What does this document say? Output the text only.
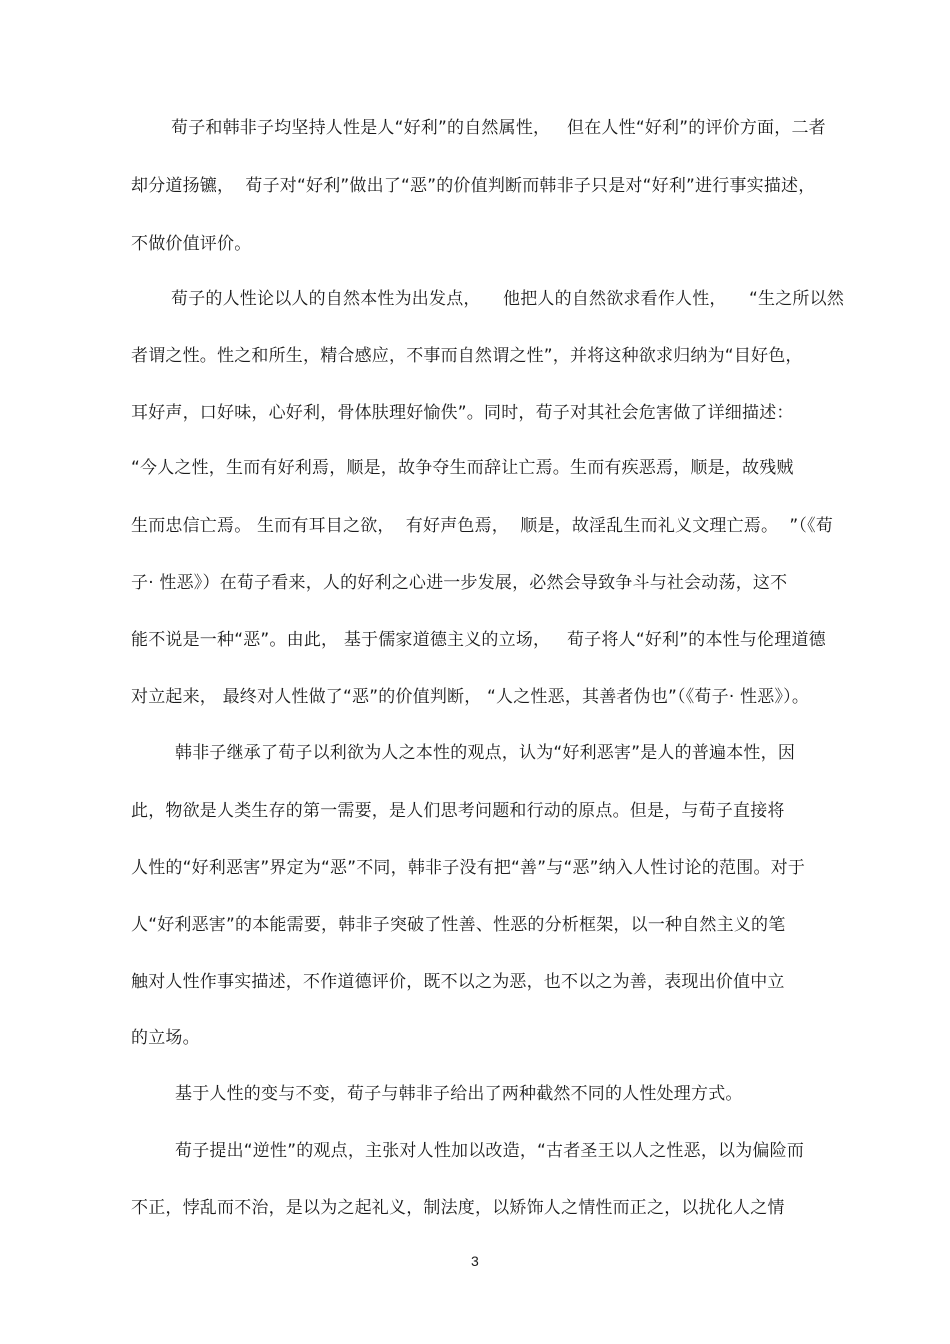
荀子和韩非子均坚持人性是人“好利”的自然属性，   但在人性“好利”的评价方面，二者
却分道扬镳，  荀子对“好利”做出了“恶”的价值判断而韩非子只是对“好利”进行事实描述，
不做价值评价。
荀子的人性论以人的自然本性为出发点，    他把人的自然欲求看作人性，    “生之所以然
者谓之性。性之和所生，精合感应，不事而自然谓之性”，并将这种欲求归纳为“目好色，
耳好声，口好味，心好利，骨体肤理好愉佚”。同时，荀子对其社会危害做了详细描述：
“今人之性，生而有好利焉，顺是，故争夺生而辞让亡焉。生而有疾恶焉，顺是，故残贼
生而忠信亡焉。 生而有耳目之欲，  有好声色焉，  顺是，故淫乱生而礼义文理亡焉。  ”（《荀
子· 性恶》）在荀子看来，人的好利之心进一步发展，必然会导致争斗与社会动荡，这不
能不说是一种“恶”。由此， 基于儒家道德主义的立场，   荀子将人“好利”的本性与伦理道德
对立起来， 最终对人性做了“恶”的价值判断， “人之性恶，其善者伪也”（《荀子· 性恶》）。
韩非子继承了荀子以利欲为人之本性的观点，认为“好利恶害”是人的普遍本性，因
此，物欲是人类生存的第一需要，是人们思考问题和行动的原点。但是，与荀子直接将
人性的“好利恶害”界定为“恶”不同，韩非子没有把“善”与“恶”纳入人性讨论的范围。对于
人“好利恶害”的本能需要，韩非子突破了性善、性恶的分析框架，以一种自然主义的笔
触对人性作事实描述，不作道德评价，既不以之为恶，也不以之为善，表现出价值中立
的立场。
基于人性的变与不变，荀子与韩非子给出了两种截然不同的人性处理方式。
荀子提出“逆性”的观点，主张对人性加以改造，“古者圣王以人之性恶，以为偏险而
不正，悖乱而不治，是以为之起礼义，制法度，以矫饰人之情性而正之，以扰化人之情
3
